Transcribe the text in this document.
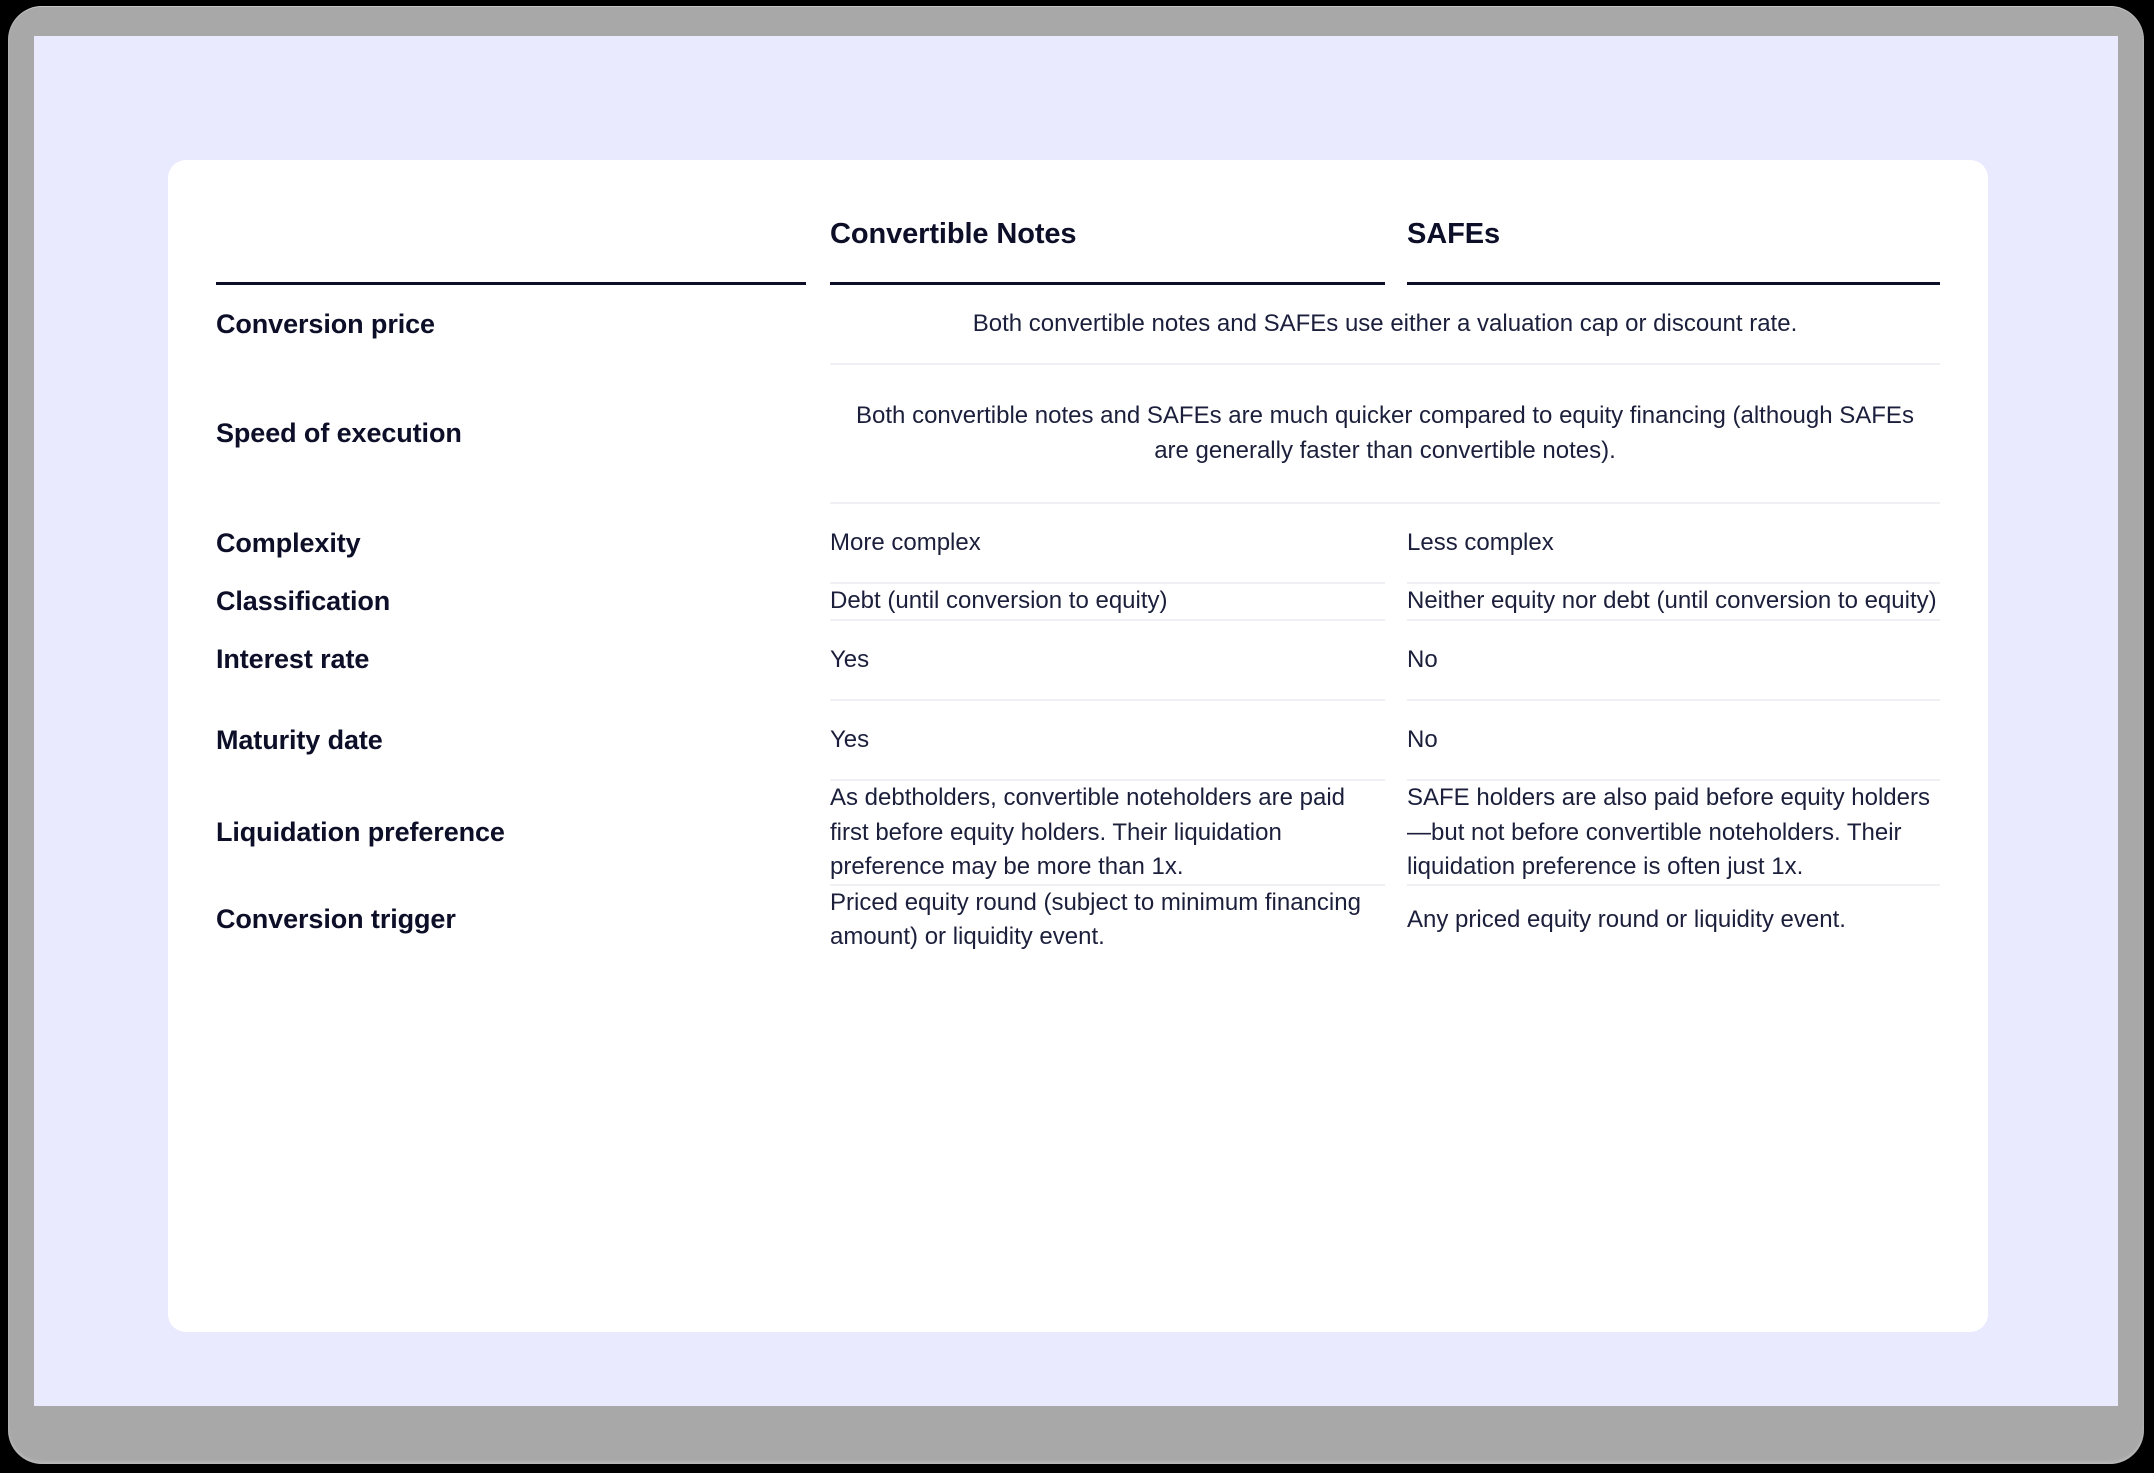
		Convertible Notes		SAFEs
Conversion price		Both convertible notes and SAFEs use either a valuation cap or discount rate.		
Speed of execution		Both convertible notes and SAFEs are much quicker compared to equity financing (although SAFEs are generally faster than convertible notes).		
Complexity		More complex		Less complex
Classification		Debt (until conversion to equity)		Neither equity nor debt (until conversion to equity)
Interest rate		Yes		No
Maturity date		Yes		No
Liquidation preference		As debtholders, convertible noteholders are paid first before equity holders. Their liquidation preference may be more than 1x.		SAFE holders are also paid before equity holders—but not before convertible noteholders. Their liquidation preference is often just 1x.
Conversion trigger		Priced equity round (subject to minimum financing amount) or liquidity event.		Any priced equity round or liquidity event.
